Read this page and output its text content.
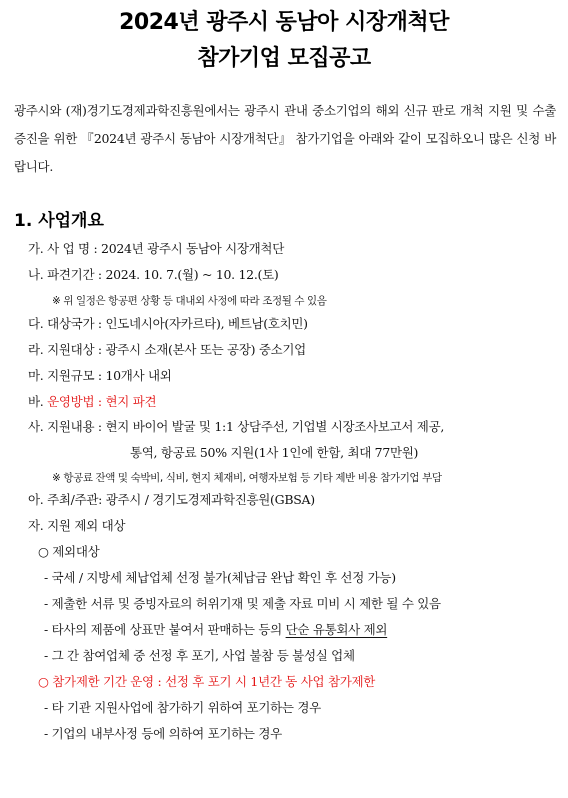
2024년 광주시 동남아 시장개척단
참가기업 모집공고

광주시와 (재)경기도경제과학진흥원에서는 광주시 관내 중소기업의 해외 신규 판로 개척 지원 및 수출 증진을 위한 『2024년 광주시 동남아 시장개척단』 참가기업을 아래와 같이 모집하오니 많은 신청 바랍니다.

1. 사업개요
가. 사 업 명 : 2024년 광주시 동남아 시장개척단
나. 파견기간 : 2024. 10. 7.(월) ~ 10. 12.(토)
※ 위 일정은 항공편 상황 등 대내외 사정에 따라 조정될 수 있음
다. 대상국가 : 인도네시아(자카르타), 베트남(호치민)
라. 지원대상 : 광주시 소재(본사 또는 공장) 중소기업
마. 지원규모 : 10개사 내외
바. 운영방법 : 현지 파견
사. 지원내용 : 현지 바이어 발굴 및 1:1 상담주선, 기업별 시장조사보고서 제공,
통역, 항공료 50% 지원(1사 1인에 한함, 최대 77만원)
※ 항공료 잔액 및 숙박비, 식비, 현지 체재비, 여행자보험 등 기타 제반 비용 참가기업 부담
아. 주최/주관: 광주시 / 경기도경제과학진흥원(GBSA)
자. 지원 제외 대상
○ 제외대상
- 국세 / 지방세 체납업체 선정 불가(체납금 완납 확인 후 선정 가능)
- 제출한 서류 및 증빙자료의 허위기재 및 제출 자료 미비 시 제한 될 수 있음
- 타사의 제품에 상표만 붙여서 판매하는 등의 단순 유통회사 제외
- 그 간 참여업체 중 선정 후 포기, 사업 불참 등 불성실 업체
○ 참가제한 기간 운영 : 선정 후 포기 시 1년간 동 사업 참가제한
- 타 기관 지원사업에 참가하기 위하여 포기하는 경우
- 기업의 내부사정 등에 의하여 포기하는 경우
